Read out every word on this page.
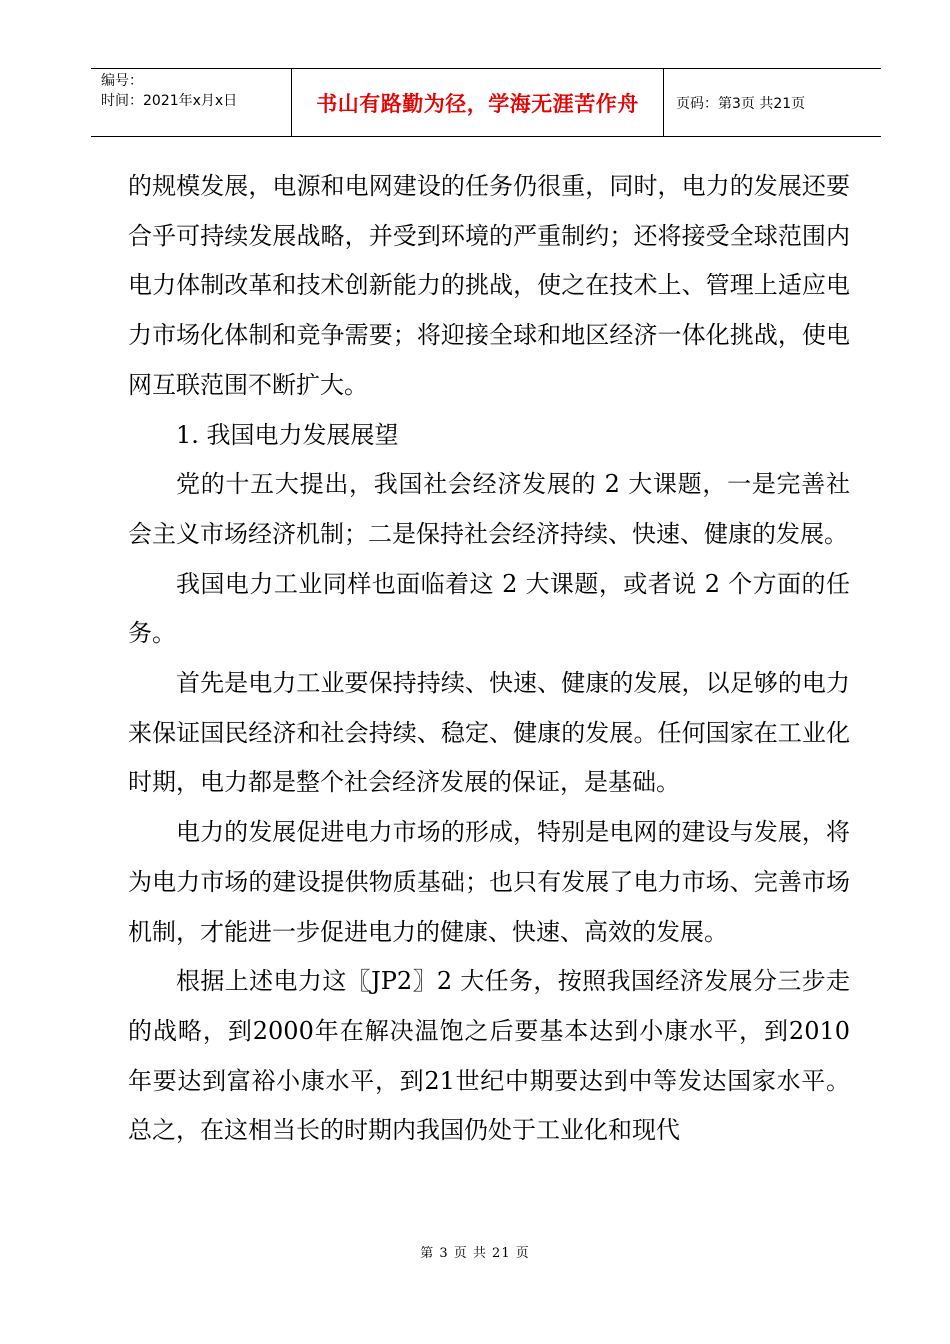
编号：
时间：2021年x月x日	书山有路勤为径，学海无涯苦作舟	页码：第3页 共21页

的规模发展，电源和电网建设的任务仍很重，同时，电力的发展还要合乎可持续发展战略，并受到环境的严重制约；还将接受全球范围内电力体制改革和技术创新能力的挑战，使之在技术上、管理上适应电力市场化体制和竞争需要；将迎接全球和地区经济一体化挑战，使电网互联范围不断扩大。

1. 我国电力发展展望

党的十五大提出，我国社会经济发展的 2 大课题，一是完善社会主义市场经济机制；二是保持社会经济持续、快速、健康的发展。

我国电力工业同样也面临着这 2 大课题，或者说 2 个方面的任务。

首先是电力工业要保持持续、快速、健康的发展，以足够的电力来保证国民经济和社会持续、稳定、健康的发展。任何国家在工业化时期，电力都是整个社会经济发展的保证，是基础。

电力的发展促进电力市场的形成，特别是电网的建设与发展，将为电力市场的建设提供物质基础；也只有发展了电力市场、完善市场机制，才能进一步促进电力的健康、快速、高效的发展。

根据上述电力这〖JP2〗2 大任务，按照我国经济发展分三步走的战略，到2000年在解决温饱之后要基本达到小康水平，到2010年要达到富裕小康水平，到21世纪中期要达到中等发达国家水平。总之，在这相当长的时期内我国仍处于工业化和现代

第 3 页 共 21 页
